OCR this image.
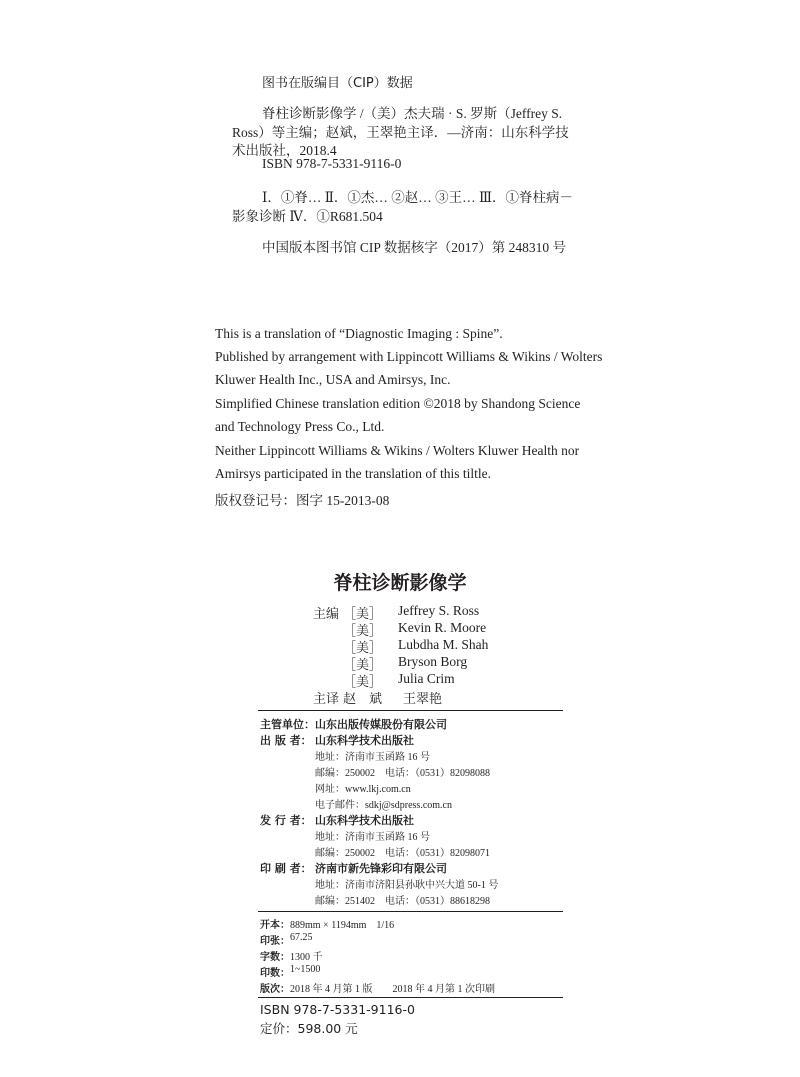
图书在版编目（CIP）数据
脊柱诊断影像学 /（美）杰夫瑞 · S. 罗斯（Jeffrey S.
Ross）等主编；赵斌，王翠艳主译．—济南：山东科学技
术出版社，2018.4
ISBN 978-7-5331-9116-0
Ⅰ．①脊… Ⅱ．①杰… ②赵… ③王… Ⅲ．①脊柱病－
影象诊断 Ⅳ．①R681.504
中国版本图书馆 CIP 数据核字（2017）第 248310 号
This is a translation of “Diagnostic Imaging : Spine”.
Published by arrangement with Lippincott Williams & Wikins / Wolters
Kluwer Health Inc., USA and Amirsys, Inc.
Simplified Chinese translation edition ©2018 by Shandong Science
and Technology Press Co., Ltd.
Neither Lippincott Williams & Wikins / Wolters Kluwer Health nor
Amirsys participated in the translation of this tiltle.
版权登记号：图字 15-2013-08
脊柱诊断影像学
主编 ［美］ Jeffrey S. Ross
［美］ Kevin R. Moore
［美］ Lubdha M. Shah
［美］ Bryson Borg
［美］ Julia Crim
主译 赵　斌 王翠艳
主管单位： 山东出版传媒股份有限公司
出 版 者： 山东科学技术出版社
地址：济南市玉函路 16 号
邮编：250002　电话：（0531）82098088
网址：www.lkj.com.cn
电子邮件：sdkj@sdpress.com.cn
发 行 者： 山东科学技术出版社
地址：济南市玉函路 16 号
邮编：250002　电话：（0531）82098071
印 刷 者： 济南市新先锋彩印有限公司
地址：济南市济阳县孙耿中兴大道 50-1 号
邮编：251402　电话：（0531）88618298
开本： 889mm × 1194mm　1/16
印张： 67.25
字数： 1300 千
印数： 1~1500
版次： 2018 年 4 月第 1 版　　2018 年 4 月第 1 次印刷
ISBN 978-7-5331-9116-0
定价：598.00 元
